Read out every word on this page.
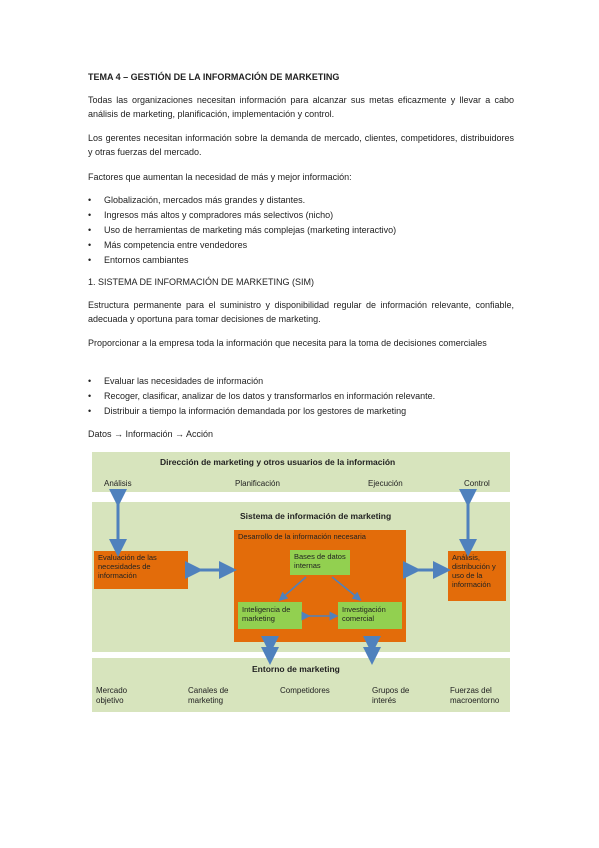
TEMA 4 – GESTIÓN DE LA INFORMACIÓN DE MARKETING
Todas las organizaciones necesitan información para alcanzar sus metas eficazmente y llevar a cabo análisis de marketing, planificación, implementación y control.
Los gerentes necesitan información sobre la demanda de mercado, clientes, competidores, distribuidores y otras fuerzas del mercado.
Factores que aumentan la necesidad de más y mejor información:
• Globalización, mercados más grandes y distantes.
• Ingresos más altos y compradores más selectivos (nicho)
• Uso de herramientas de marketing más complejas (marketing interactivo)
• Más competencia entre vendedores
• Entornos cambiantes
1. SISTEMA DE INFORMACIÓN DE MARKETING (SIM)
Estructura permanente para el suministro y disponibilidad regular de información relevante, confiable, adecuada y oportuna para tomar decisiones de marketing.
Proporcionar a la empresa toda la información que necesita para la toma de decisiones comerciales
• Evaluar las necesidades de información
• Recoger, clasificar, analizar de los datos y transformarlos en información relevante.
• Distribuir a tiempo la información demandada por los gestores de marketing
Datos → Información → Acción
Dirección de marketing y otros usuarios de la información
Análisis	Planificación	Ejecución	Control
Sistema de información de marketing
Desarrollo de la información necesaria
Evaluación de las necesidades de información
Análisis, distribución y uso de la información
Bases de datos internas
Inteligencia de marketing
Investigación comercial
Entorno de marketing
Mercado objetivo
Canales de marketing
Competidores	Grupos de interés
Fuerzas del macroentorno
